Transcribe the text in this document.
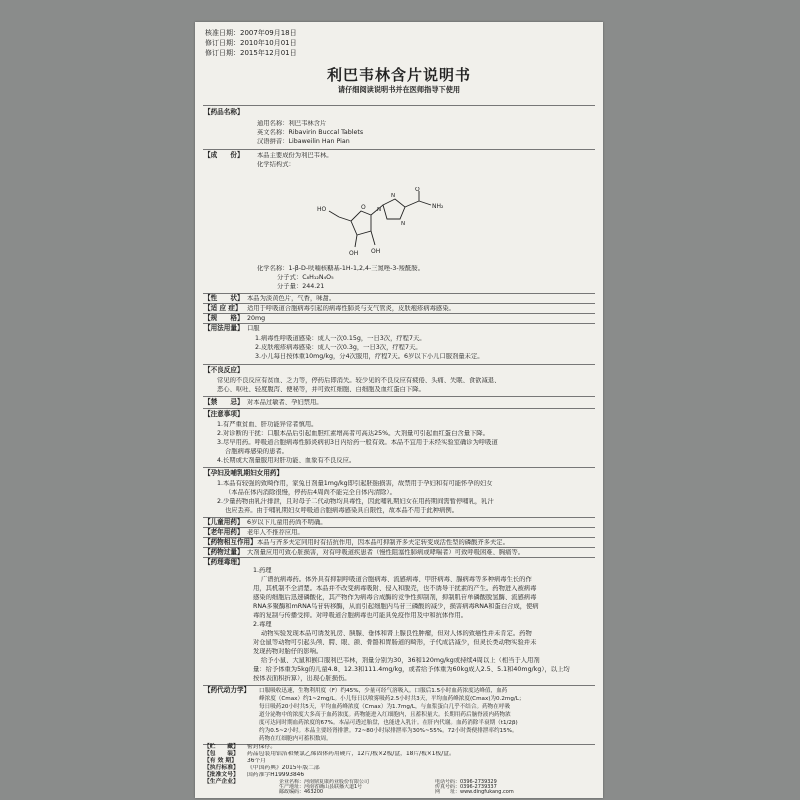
核准日期：2007年09月18日
修订日期：2010年10月01日
修订日期：2015年12月01日
利巴韦林含片说明书
请仔细阅读说明书并在医师指导下使用
【药品名称】
通用名称：利巴韦林含片
英文名称：Ribavirin Buccal Tablets
汉语拼音：Libaweilin Han Pian
【成　　份】 本品主要成份为利巴韦林。
化学结构式：
O
NH₂
N
N
N
HO	O
OH OH
化学名称：1-β-D-呋喃核糖基-1H-1,2,4-三氮唑-3-羧酰胺。
分子式：C₈H₁₂N₄O₅
分子量：244.21
【性　　状】 本品为淡黄色片，气香，味甜。
【适 应 症】 适用于呼吸道合胞病毒引起的病毒性肺炎与支气管炎，皮肤疱疹病毒感染。
【规　　格】 20mg
【用法用量】 口服
1.病毒性呼吸道感染：成人一次0.15g，一日3次，疗程7天。
2.皮肤疱疹病毒感染：成人一次0.3g，一日3次，疗程7天。
3.小儿每日按体重10mg/kg，分4次服用，疗程7天。6岁以下小儿口服剂量未定。
【不良反应】
常见的不良反应有贫血、乏力等，停药后即消失。较少见的不良反应有疲倦、头痛、失眠、食欲减退、
恶心、呕吐、轻度腹泻、便秘等，并可致红细胞、白细胞及血红蛋白下降。
【禁　　忌】 对本品过敏者、孕妇禁用。
【注意事项】
1.有严重贫血、肝功能异常者慎用。
2.对诊断的干扰：口服本品后引起血胆红素增高者可高达25%。大剂量可引起血红蛋白含量下降。
3.尽早用药。呼吸道合胞病毒性肺炎病初3日内给药一般有效。本品不宜用于未经实验室确诊为呼吸道
合胞病毒感染的患者。
4.长期或大剂量服用对肝功能、血象有不良反应。
【孕妇及哺乳期妇女用药】
1.本品有较强的致畸作用，家兔日剂量1mg/kg即引起胚胎损害，故禁用于孕妇和有可能怀孕的妇女
（本品在体内消除很慢，停药后4周尚不能完全自体内清除）。
2.少量药物由乳汁排泄，且对母子二代动物均具毒性，因此哺乳期妇女在用药期间需暂停哺乳，乳汁
也应丢弃。由于哺乳期妇女呼吸道合胞病毒感染具自限性，故本品不用于此种病例。
【儿童用药】 6岁以下儿童用药尚不明确。
【老年用药】 老年人不推荐应用。
【药物相互作用】 本品与齐多夫定同用时有拮抗作用，因本品可抑制齐多夫定转变成活性型的磷酸齐多夫定。
【药物过量】 大剂量应用可致心脏损害，对有呼吸道疾患者（慢性阻塞性肺病或哮喘者）可致呼吸困难、胸痛等。
【药理毒理】
1.药理
广谱抗病毒药。体外具有抑制呼吸道合胞病毒、流感病毒、甲肝病毒、腺病毒等多种病毒生长的作
用，其机制不全清楚。本品并不改变病毒吸附、侵入和脱壳，也不诱导干扰素的产生。药物进入被病毒
感染的细胞后迅速磷酸化，其产物作为病毒合成酶的竞争性抑制剂，抑制肌苷单磷酸脱氢酶、流感病毒
RNA多聚酶和mRNA鸟苷转移酶，从而引起细胞内鸟苷三磷酸的减少，损害病毒RNA和蛋白合成，使病
毒的复制与传播受抑。对呼吸道合胞病毒也可能具免疫作用及中和抗体作用。
2.毒理
动物实验发现本品可诱发乳房、胰腺、垂体和肾上腺良性肿瘤，但对人体的致癌性并未肯定。药物
对仓鼠等动物可引起头颅、腭、眼、颌、骨骼和胃肠道的畸形，子代成活减少，但灵长类动物实验并未
发现药物对胎仔的影响。
给予小鼠、大鼠和猴口服利巴韦林，剂量分别为30，36和120mg/kg或持续4周以上（相当于人用剂
量：给予体重为5kg的儿童4.8、12.3和111.4mg/kg，或者给予体重为60kg成人2.5、5.1和40mg/kg），以上均
按体表面积折算），出现心脏损伤。
【药代动力学】 口服吸收迅速，生物利用度（F）约45%，少量可经气溶吸入。口服后1.5小时血药浓度达峰值，血药
峰浓度（Cmax）约1~2mg/L。小儿每日以喷雾吸药2.5小时共3天，平均血药峰浓度(Cmax)为0.2mg/L；
每日吸药20小时共5天，平均血药峰浓度（Cmax）为1.7mg/L，与血浆蛋白几乎不结合。药物在呼吸
道分泌物中的浓度大多高于血药浓度。药物能进入红细胞内，且蓄积量大。长期用药后脑脊液内药物浓
度可达同时期血药浓度的67%。本品可透过胎盘，也能进入乳汁。在肝内代谢。血药消除半衰期（t1/2β)
约为0.5~2小时。本品主要经肾排泄。72~80小时尿排泄率为30%~55%。72小时粪便排泄率约15%。
药物在红细胞内可蓄积数周。
【贮　　藏】 密封保存。
【包　　装】 药品包装用铝箔和聚氯乙烯固体药用硬片，12片/板×2板/盒，18片/板×1板/盒。
【有 效 期】 36个月
【执行标准】 《中国药典》2015年版二部
【批准文号】 国药准字H19993846
【生产企业】	企业名称：河南鼎复康药业股份有限公司
生产地址：河南省确山县联播大道1号
邮政编码：463200
电话号码：0396-2739329
传真号码：0396-2739337
网　　址：www.dingfukang.com
